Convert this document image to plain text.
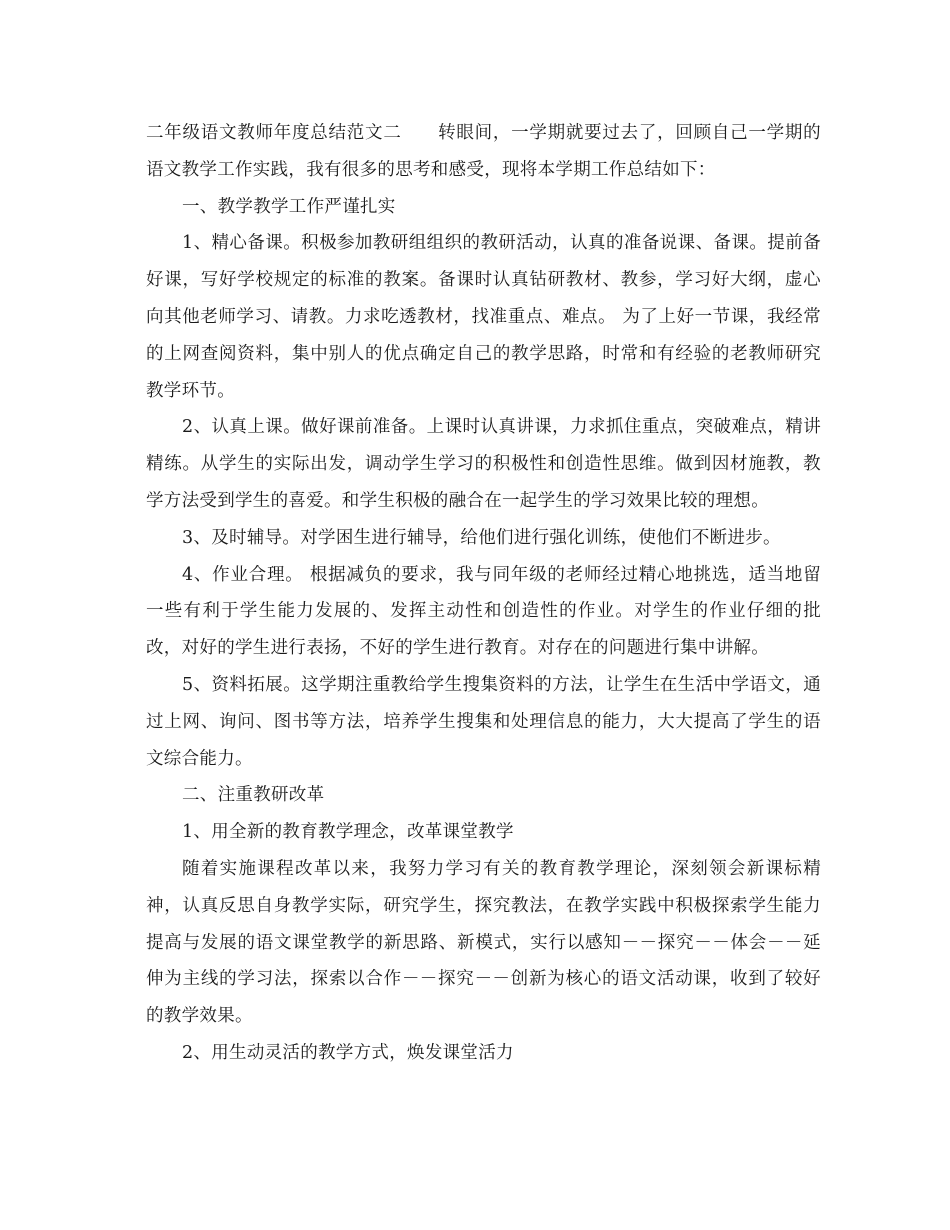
二年级语文教师年度总结范文二　　转眼间，一学期就要过去了，回顾自己一学期的语文教学工作实践，我有很多的思考和感受，现将本学期工作总结如下：

一、教学教学工作严谨扎实

1、精心备课。积极参加教研组组织的教研活动，认真的准备说课、备课。提前备好课，写好学校规定的标准的教案。备课时认真钻研教材、教参，学习好大纲，虚心向其他老师学习、请教。力求吃透教材，找准重点、难点。 为了上好一节课，我经常的上网查阅资料，集中别人的优点确定自己的教学思路，时常和有经验的老教师研究教学环节。

2、认真上课。做好课前准备。上课时认真讲课，力求抓住重点，突破难点，精讲精练。从学生的实际出发，调动学生学习的积极性和创造性思维。做到因材施教，教学方法受到学生的喜爱。和学生积极的融合在一起学生的学习效果比较的理想。

3、及时辅导。对学困生进行辅导，给他们进行强化训练，使他们不断进步。

4、作业合理。 根据减负的要求，我与同年级的老师经过精心地挑选，适当地留一些有利于学生能力发展的、发挥主动性和创造性的作业。对学生的作业仔细的批改，对好的学生进行表扬，不好的学生进行教育。对存在的问题进行集中讲解。

5、资料拓展。这学期注重教给学生搜集资料的方法，让学生在生活中学语文，通过上网、询问、图书等方法，培养学生搜集和处理信息的能力，大大提高了学生的语文综合能力。

二、注重教研改革

1、用全新的教育教学理念，改革课堂教学

随着实施课程改革以来，我努力学习有关的教育教学理论，深刻领会新课标精神，认真反思自身教学实际，研究学生，探究教法，在教学实践中积极探索学生能力提高与发展的语文课堂教学的新思路、新模式，实行以感知－－探究－－体会－－延伸为主线的学习法，探索以合作－－探究－－创新为核心的语文活动课，收到了较好的教学效果。

2、用生动灵活的教学方式，焕发课堂活力
